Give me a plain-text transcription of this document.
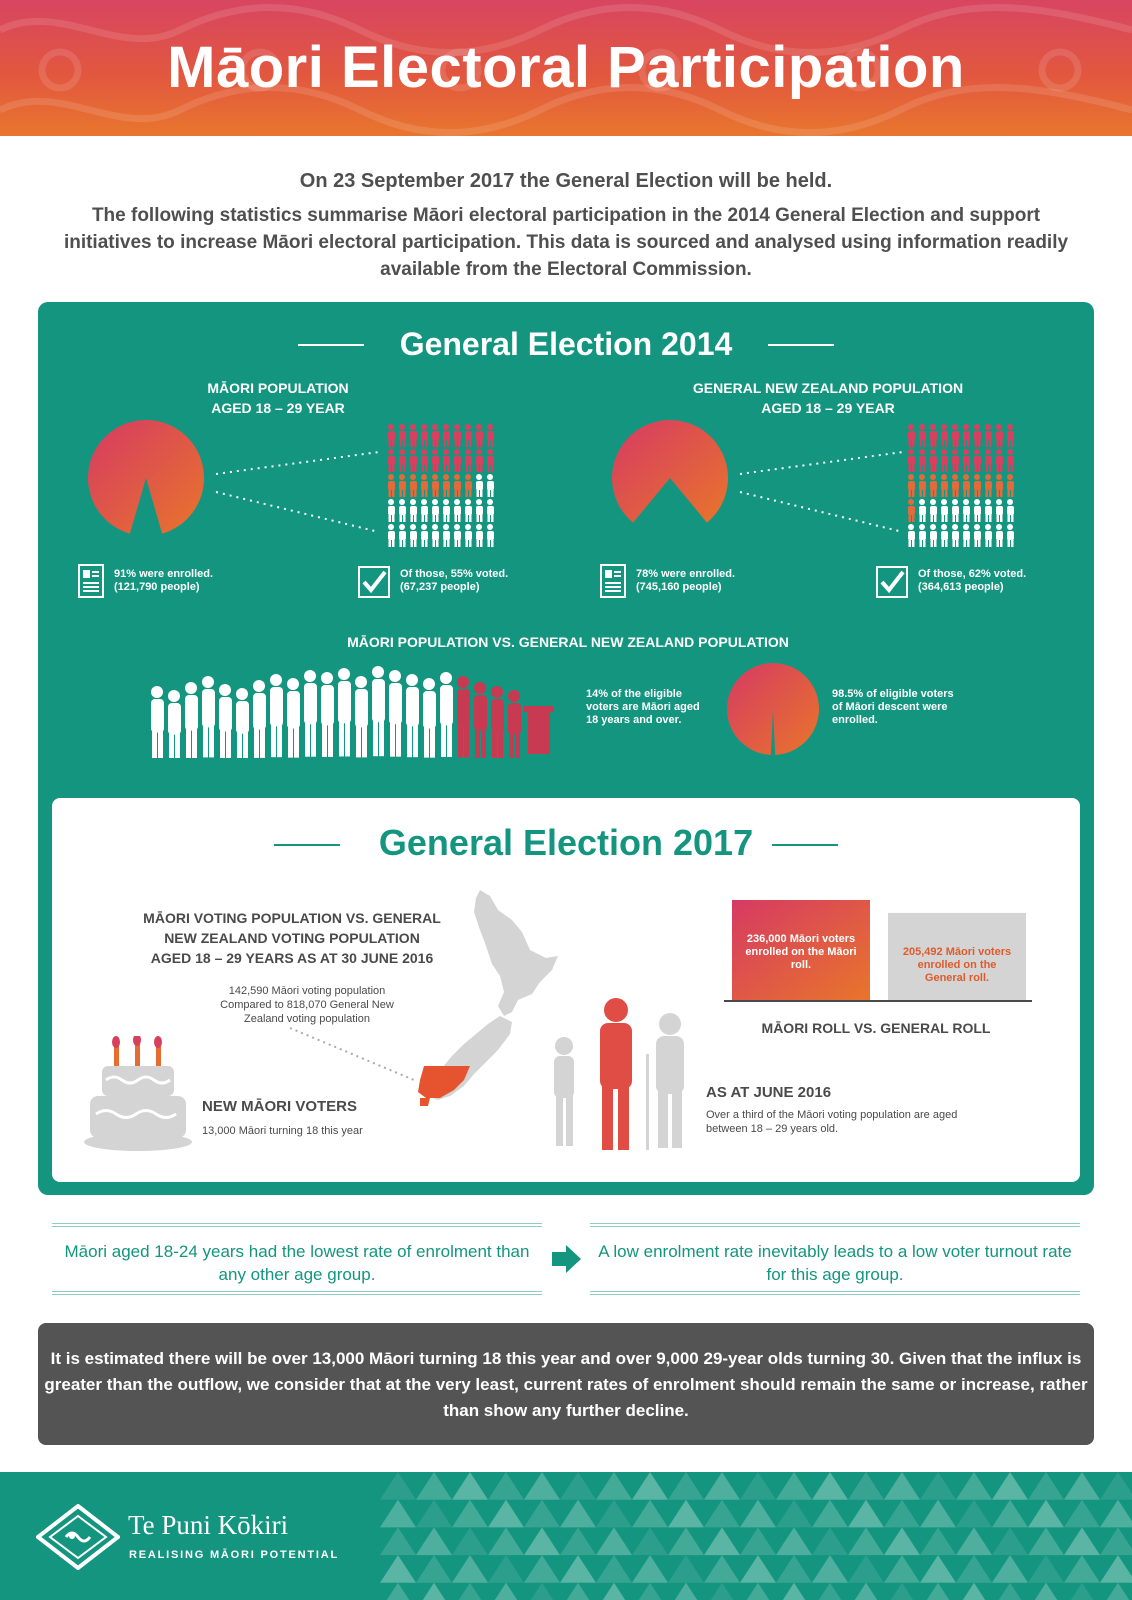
Māori Electoral Participation
On 23 September 2017 the General Election will be held.
The following statistics summarise Māori electoral participation in the 2014 General Election and support initiatives to increase Māori electoral participation. This data is sourced and analysed using information readily available from the Electoral Commission.
General Election 2014
MĀORI POPULATION
AGED 18 – 29 YEAR
91% were enrolled.
(121,790 people)
Of those, 55% voted.
(67,237 people)
GENERAL NEW ZEALAND POPULATION
AGED 18 – 29 YEAR
78% were enrolled.
(745,160 people)
Of those, 62% voted.
(364,613 people)
MĀORI POPULATION VS. GENERAL NEW ZEALAND POPULATION
14% of the eligible
voters are Māori aged
18 years and over.
98.5% of eligible voters
of Māori descent were
enrolled.
General Election 2017
MĀORI VOTING POPULATION VS. GENERAL
NEW ZEALAND VOTING POPULATION
AGED 18 – 29 YEARS AS AT 30 JUNE 2016
142,590 Māori voting population
Compared to 818,070 General New
Zealand voting population
NEW MĀORI VOTERS
13,000 Māori turning 18 this year
AS AT JUNE 2016
Over a third of the Māori voting population are aged
between 18 – 29 years old.
236,000 Māori voters
enrolled on the Māori
roll.
205,492 Māori voters
enrolled on the
General roll.
MĀORI ROLL VS. GENERAL ROLL
Māori aged 18-24 years had the lowest rate of enrolment than any other age group.
A low enrolment rate inevitably leads to a low voter turnout rate for this age group.
It is estimated there will be over 13,000 Māori turning 18 this year and over 9,000 29-year olds turning 30. Given that the influx is greater than the outflow, we consider that at the very least, current rates of enrolment should remain the same or increase, rather than show any further decline.
Te Puni Kōkiri
REALISING MĀORI POTENTIAL
